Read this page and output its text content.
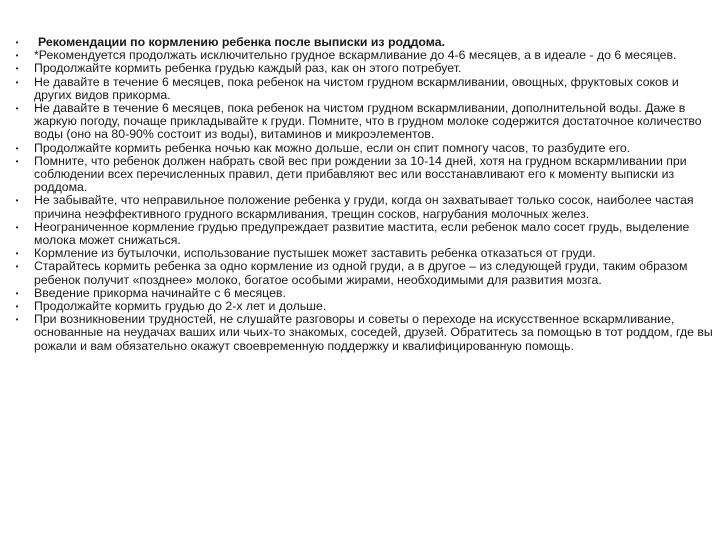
•	Рекомендации по кормлению ребенка после выписки из роддома.
• *Рекомендуется продолжать исключительно грудное вскармливание до 4-6 месяцев, а в идеале - до 6 месяцев.
• Продолжайте кормить ребенка грудью каждый раз, как он этого потребует.
• Не давайте в течение 6 месяцев, пока ребенок на чистом грудном вскармливании, овощных, фруктовых соков и других видов прикорма.
• Не давайте в течение 6 месяцев, пока ребенок на чистом грудном вскармливании, дополнительной воды. Даже в жаркую погоду, почаще прикладывайте к груди. Помните, что в грудном молоке содержится достаточное количество воды (оно на 80-90% состоит из воды), витаминов и микроэлементов.
• Продолжайте кормить ребенка ночью как можно дольше, если он спит помногу часов, то разбудите его.
• Помните, что ребенок должен набрать свой вес при рождении за 10-14 дней, хотя на грудном вскармливании при соблюдении всех перечисленных правил, дети прибавляют вес или восстанавливают его к моменту выписки из роддома.
• Не забывайте, что неправильное положение ребенка у груди, когда он захватывает только сосок, наиболее частая причина неэффективного грудного вскармливания, трещин сосков, нагрубания молочных желез.
• Неограниченное кормление грудью предупреждает развитие мастита, если ребенок мало сосет грудь, выделение молока может снижаться.
• Кормление из бутылочки, использование пустышек может заставить ребенка отказаться от груди.
• Старайтесь кормить ребенка за одно кормление из одной груди, а в другое – из следующей груди, таким образом ребенок получит «позднее» молоко, богатое особыми жирами, необходимыми для развития мозга.
• Введение прикорма начинайте с 6 месяцев.
• Продолжайте кормить грудью до 2-х лет и дольше.
• При возникновении трудностей, не слушайте разговоры и советы о переходе на искусственное вскармливание, основанные на неудачах ваших или чьих-то знакомых, соседей, друзей. Обратитесь за помощью в тот роддом, где вы рожали и вам обязательно окажут своевременную поддержку и квалифицированную помощь.
